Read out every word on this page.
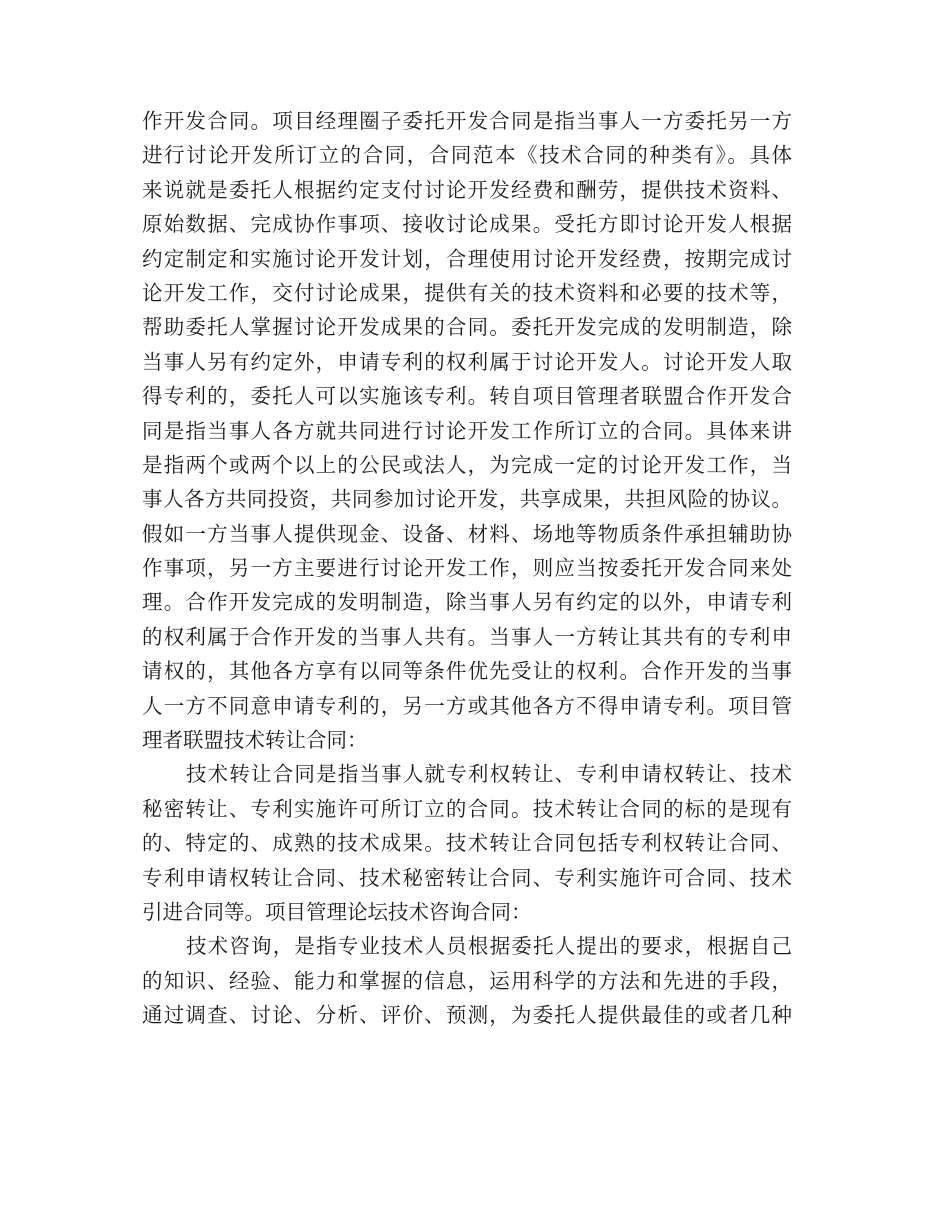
作开发合同。项目经理圈子委托开发合同是指当事人一方委托另一方
进行讨论开发所订立的合同，合同范本《技术合同的种类有》。具体
来说就是委托人根据约定支付讨论开发经费和酬劳，提供技术资料、
原始数据、完成协作事项、接收讨论成果。受托方即讨论开发人根据
约定制定和实施讨论开发计划，合理使用讨论开发经费，按期完成讨
论开发工作，交付讨论成果，提供有关的技术资料和必要的技术等，
帮助委托人掌握讨论开发成果的合同。委托开发完成的发明制造，除
当事人另有约定外，申请专利的权利属于讨论开发人。讨论开发人取
得专利的，委托人可以实施该专利。转自项目管理者联盟合作开发合
同是指当事人各方就共同进行讨论开发工作所订立的合同。具体来讲
是指两个或两个以上的公民或法人，为完成一定的讨论开发工作，当
事人各方共同投资，共同参加讨论开发，共享成果，共担风险的协议。
假如一方当事人提供现金、设备、材料、场地等物质条件承担辅助协
作事项，另一方主要进行讨论开发工作，则应当按委托开发合同来处
理。合作开发完成的发明制造，除当事人另有约定的以外，申请专利
的权利属于合作开发的当事人共有。当事人一方转让其共有的专利申
请权的，其他各方享有以同等条件优先受让的权利。合作开发的当事
人一方不同意申请专利的，另一方或其他各方不得申请专利。项目管
理者联盟技术转让合同：
技术转让合同是指当事人就专利权转让、专利申请权转让、技术
秘密转让、专利实施许可所订立的合同。技术转让合同的标的是现有
的、特定的、成熟的技术成果。技术转让合同包括专利权转让合同、
专利申请权转让合同、技术秘密转让合同、专利实施许可合同、技术
引进合同等。项目管理论坛技术咨询合同：
技术咨询，是指专业技术人员根据委托人提出的要求，根据自己
的知识、经验、能力和掌握的信息，运用科学的方法和先进的手段，
通过调查、讨论、分析、评价、预测，为委托人提供最佳的或者几种
